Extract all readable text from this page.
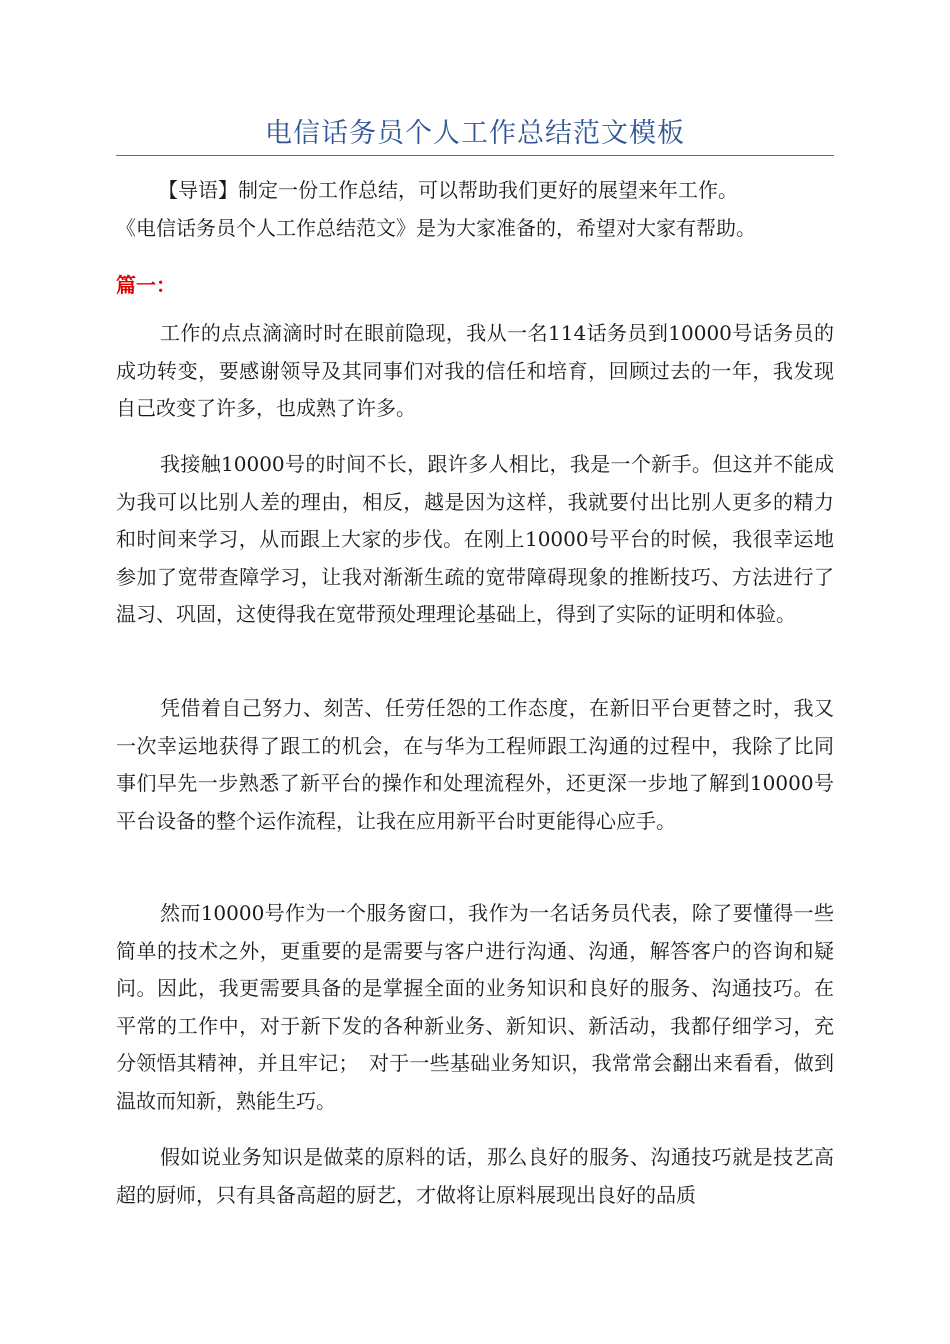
电信话务员个人工作总结范文模板
【导语】制定一份工作总结，可以帮助我们更好的展望来年工作。
《电信话务员个人工作总结范文》是为大家准备的，希望对大家有帮助。

篇一：

工作的点点滴滴时时在眼前隐现，我从一名114话务员到10000号话务员的成功转变，要感谢领导及其同事们对我的信任和培育，回顾过去的一年，我发现自己改变了许多，也成熟了许多。

我接触10000号的时间不长，跟许多人相比，我是一个新手。但这并不能成为我可以比别人差的理由，相反，越是因为这样，我就要付出比别人更多的精力和时间来学习，从而跟上大家的步伐。在刚上10000号平台的时候，我很幸运地参加了宽带查障学习，让我对渐渐生疏的宽带障碍现象的推断技巧、方法进行了温习、巩固，这使得我在宽带预处理理论基础上，得到了实际的证明和体验。

凭借着自己努力、刻苦、任劳任怨的工作态度，在新旧平台更替之时，我又一次幸运地获得了跟工的机会，在与华为工程师跟工沟通的过程中，我除了比同事们早先一步熟悉了新平台的操作和处理流程外，还更深一步地了解到10000号平台设备的整个运作流程，让我在应用新平台时更能得心应手。

然而10000号作为一个服务窗口，我作为一名话务员代表，除了要懂得一些简单的技术之外，更重要的是需要与客户进行沟通、沟通，解答客户的咨询和疑问。因此，我更需要具备的是掌握全面的业务知识和良好的服务、沟通技巧。在平常的工作中，对于新下发的各种新业务、新知识、新活动，我都仔细学习，充分领悟其精神，并且牢记；　对于一些基础业务知识，我常常会翻出来看看，做到温故而知新，熟能生巧。

假如说业务知识是做菜的原料的话，那么良好的服务、沟通技巧就是技艺高超的厨师，只有具备高超的厨艺，才做将让原料展现出良好的品质
